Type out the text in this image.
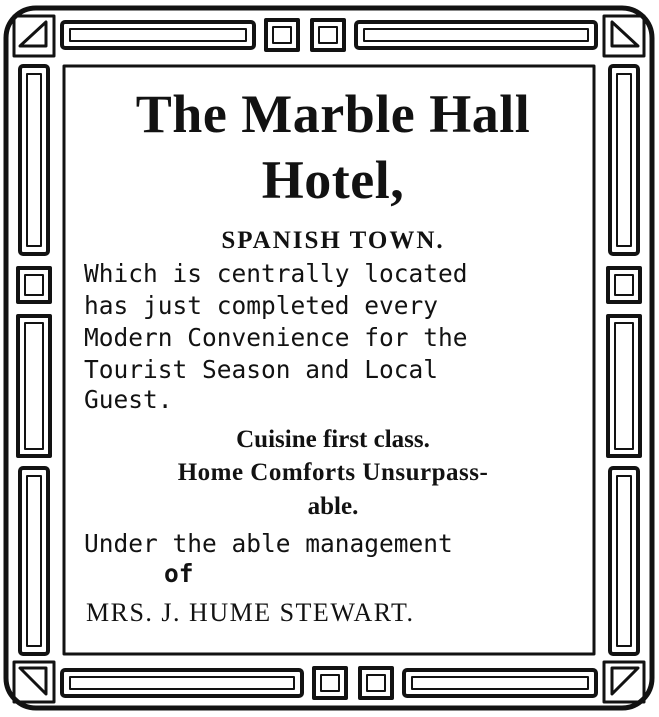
The Marble Hall
Hotel,

SPANISH TOWN.

Which is centrally located

has just completed every

Modern Convenience for the

Tourist Season and Local

Guest.

Cuisine first class.

Home Comforts Unsurpass-

able.

Under the able management

of

MRS. J. HUME STEWART.
